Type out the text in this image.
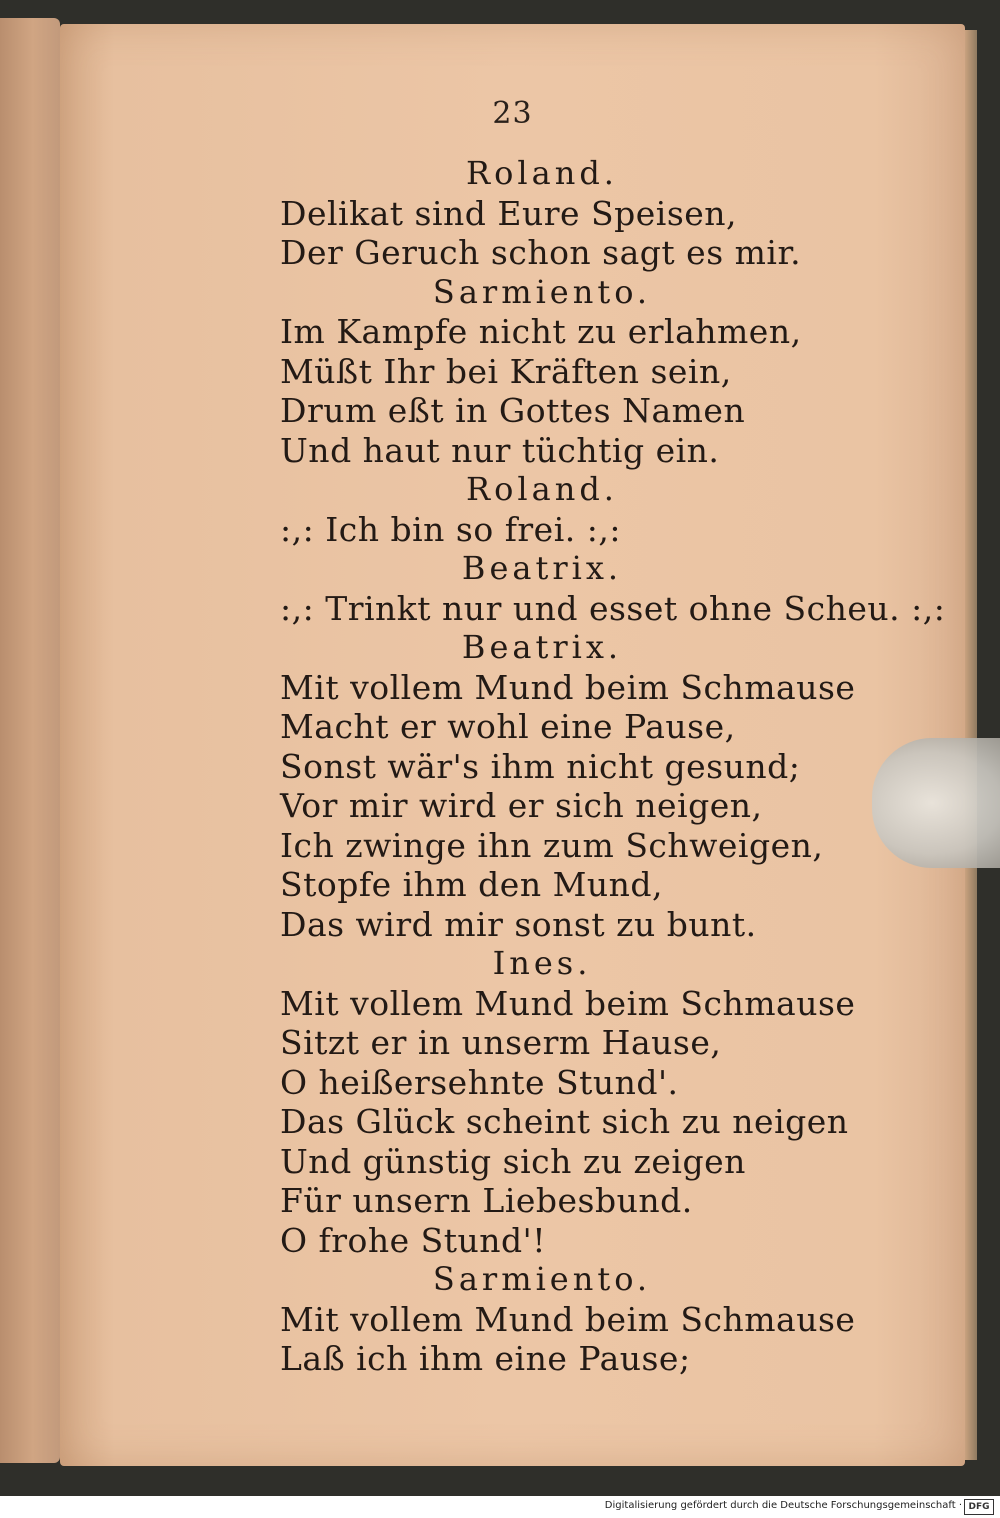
23
Roland.
Delikat sind Eure Speisen,
Der Geruch schon sagt es mir.
Sarmiento.
Im Kampfe nicht zu erlahmen,
Müßt Ihr bei Kräften sein,
Drum eßt in Gottes Namen
Und haut nur tüchtig ein.
Roland.
:,: Ich bin so frei. :,:
Beatrix.
:,: Trinkt nur und esset ohne Scheu. :,:
Beatrix.
Mit vollem Mund beim Schmause
Macht er wohl eine Pause,
Sonst wär's ihm nicht gesund;
Vor mir wird er sich neigen,
Ich zwinge ihn zum Schweigen,
Stopfe ihm den Mund,
Das wird mir sonst zu bunt.
Ines.
Mit vollem Mund beim Schmause
Sitzt er in unserm Hause,
O heißersehnte Stund'.
Das Glück scheint sich zu neigen
Und günstig sich zu zeigen
Für unsern Liebesbund.
O frohe Stund'!
Sarmiento.
Mit vollem Mund beim Schmause
Laß ich ihm eine Pause;
Digitalisierung gefördert durch die Deutsche Forschungsgemeinschaft · DFG
